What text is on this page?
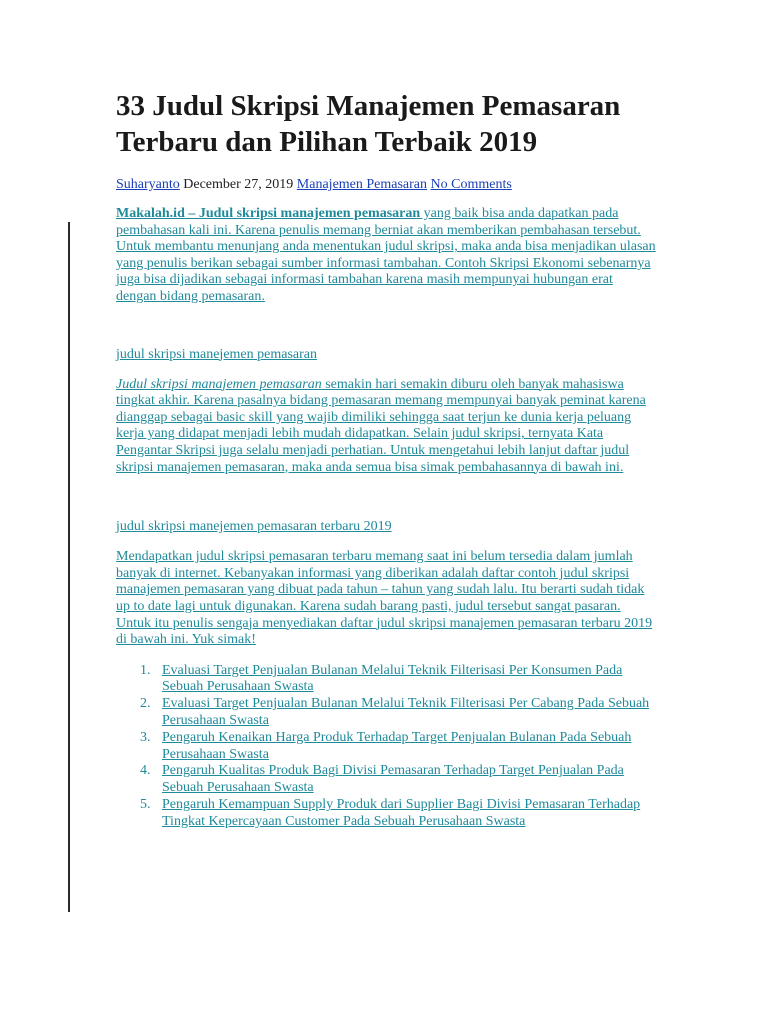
33 Judul Skripsi Manajemen Pemasaran Terbaru dan Pilihan Terbaik 2019
Suharyanto December 27, 2019 Manajemen Pemasaran No Comments

Makalah.id – Judul skripsi manajemen pemasaran yang baik bisa anda dapatkan pada pembahasan kali ini. Karena penulis memang berniat akan memberikan pembahasan tersebut. Untuk membantu menunjang anda menentukan judul skripsi, maka anda bisa menjadikan ulasan yang penulis berikan sebagai sumber informasi tambahan. Contoh Skripsi Ekonomi sebenarnya juga bisa dijadikan sebagai informasi tambahan karena masih mempunyai hubungan erat dengan bidang pemasaran.

judul skripsi manejemen pemasaran

Judul skripsi manajemen pemasaran semakin hari semakin diburu oleh banyak mahasiswa tingkat akhir. Karena pasalnya bidang pemasaran memang mempunyai banyak peminat karena dianggap sebagai basic skill yang wajib dimiliki sehingga saat terjun ke dunia kerja peluang kerja yang didapat menjadi lebih mudah didapatkan. Selain judul skripsi, ternyata Kata Pengantar Skripsi juga selalu menjadi perhatian. Untuk mengetahui lebih lanjut daftar judul skripsi manajemen pemasaran, maka anda semua bisa simak pembahasannya di bawah ini.

judul skripsi manejemen pemasaran terbaru 2019

Mendapatkan judul skripsi pemasaran terbaru memang saat ini belum tersedia dalam jumlah banyak di internet. Kebanyakan informasi yang diberikan adalah daftar contoh judul skripsi manajemen pemasaran yang dibuat pada tahun – tahun yang sudah lalu. Itu berarti sudah tidak up to date lagi untuk digunakan. Karena sudah barang pasti, judul tersebut sangat pasaran. Untuk itu penulis sengaja menyediakan daftar judul skripsi manajemen pemasaran terbaru 2019 di bawah ini. Yuk simak!

1. Evaluasi Target Penjualan Bulanan Melalui Teknik Filterisasi Per Konsumen Pada Sebuah Perusahaan Swasta
2. Evaluasi Target Penjualan Bulanan Melalui Teknik Filterisasi Per Cabang Pada Sebuah Perusahaan Swasta
3. Pengaruh Kenaikan Harga Produk Terhadap Target Penjualan Bulanan Pada Sebuah Perusahaan Swasta
4. Pengaruh Kualitas Produk Bagi Divisi Pemasaran Terhadap Target Penjualan Pada Sebuah Perusahaan Swasta
5. Pengaruh Kemampuan Supply Produk dari Supplier Bagi Divisi Pemasaran Terhadap Tingkat Kepercayaan Customer Pada Sebuah Perusahaan Swasta
